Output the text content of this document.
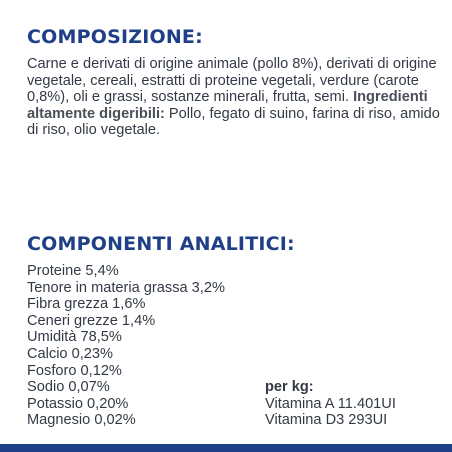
COMPOSIZIONE:

Carne e derivati di origine animale (pollo 8%), derivati di origine vegetale, cereali, estratti di proteine vegetali, verdure (carote 0,8%), oli e grassi, sostanze minerali, frutta, semi. Ingredienti altamente digeribili: Pollo, fegato di suino, farina di riso, amido di riso, olio vegetale.

COMPONENTI ANALITICI:
Proteine 5,4%
Tenore in materia grassa 3,2%
Fibra grezza 1,6%
Ceneri grezze 1,4%
Umidità 78,5%
Calcio 0,23%
Fosforo 0,12%
Sodio 0,07%
Potassio 0,20%
Magnesio 0,02%
per kg:
Vitamina A 11.401UI
Vitamina D3 293UI
